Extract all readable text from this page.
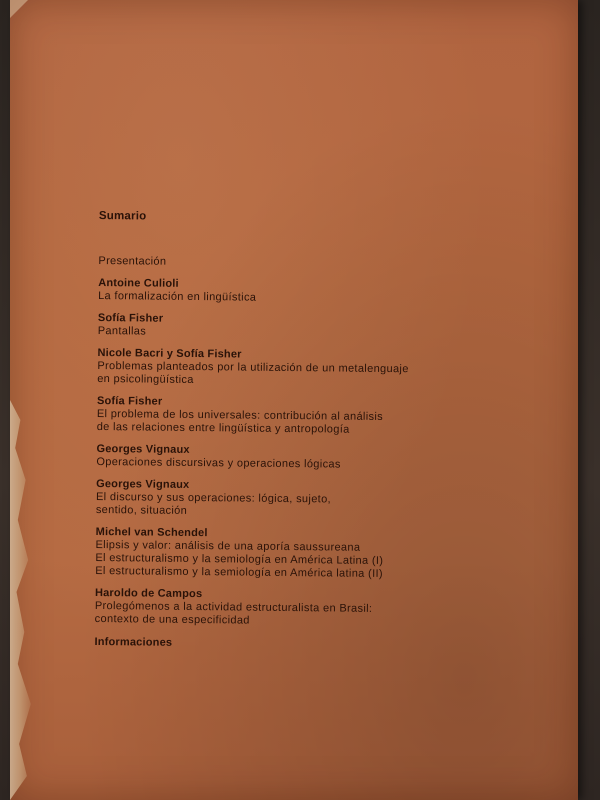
Sumario
Presentación
Antoine Culioli
La formalización en lingüística
Sofía Fisher
Pantallas
Nicole Bacri y Sofía Fisher
Problemas planteados por la utilización de un metalenguaje
en psicolingüística
Sofía Fisher
El problema de los universales: contribución al análisis
de las relaciones entre lingüística y antropología
Georges Vignaux
Operaciones discursivas y operaciones lógicas
Georges Vignaux
El discurso y sus operaciones: lógica, sujeto,
sentido, situación
Michel van Schendel
Elipsis y valor: análisis de una aporía saussureana
El estructuralismo y la semiología en América Latina (I)
El estructuralismo y la semiología en América latina (II)
Haroldo de Campos
Prolegómenos a la actividad estructuralista en Brasil:
contexto de una especificidad
Informaciones
